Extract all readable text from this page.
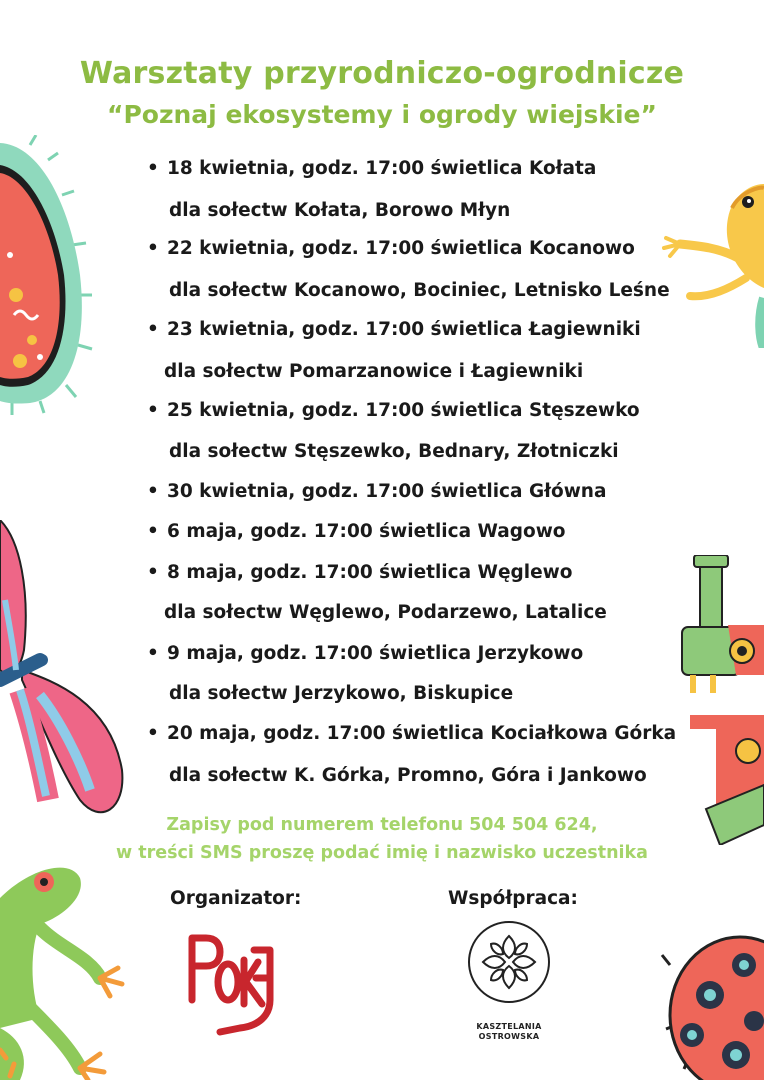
Warsztaty przyrodniczo-ogrodnicze
“Poznaj ekosystemy i ogrody wiejskie”
• 18 kwietnia, godz. 17:00 świetlica Kołata
dla sołectw Kołata, Borowo Młyn
• 22 kwietnia, godz. 17:00 świetlica Kocanowo
dla sołectw Kocanowo, Bociniec, Letnisko Leśne
• 23 kwietnia, godz. 17:00 świetlica Łagiewniki
dla sołectw Pomarzanowice i Łagiewniki
• 25 kwietnia, godz. 17:00 świetlica Stęszewko
dla sołectw Stęszewko, Bednary, Złotniczki
• 30 kwietnia, godz. 17:00 świetlica Główna
• 6 maja, godz. 17:00 świetlica Wagowo
• 8 maja, godz. 17:00 świetlica Węglewo
dla sołectw Węglewo, Podarzewo, Latalice
• 9 maja, godz. 17:00 świetlica Jerzykowo
dla sołectw Jerzykowo, Biskupice
• 20 maja, godz. 17:00 świetlica Kociałkowa Górka
dla sołectw K. Górka, Promno, Góra i Jankowo
Zapisy pod numerem telefonu 504 504 624,
w treści SMS proszę podać imię i nazwisko uczestnika
Organizator:	Współpraca:
KASZTELANIA
OSTROWSKA
